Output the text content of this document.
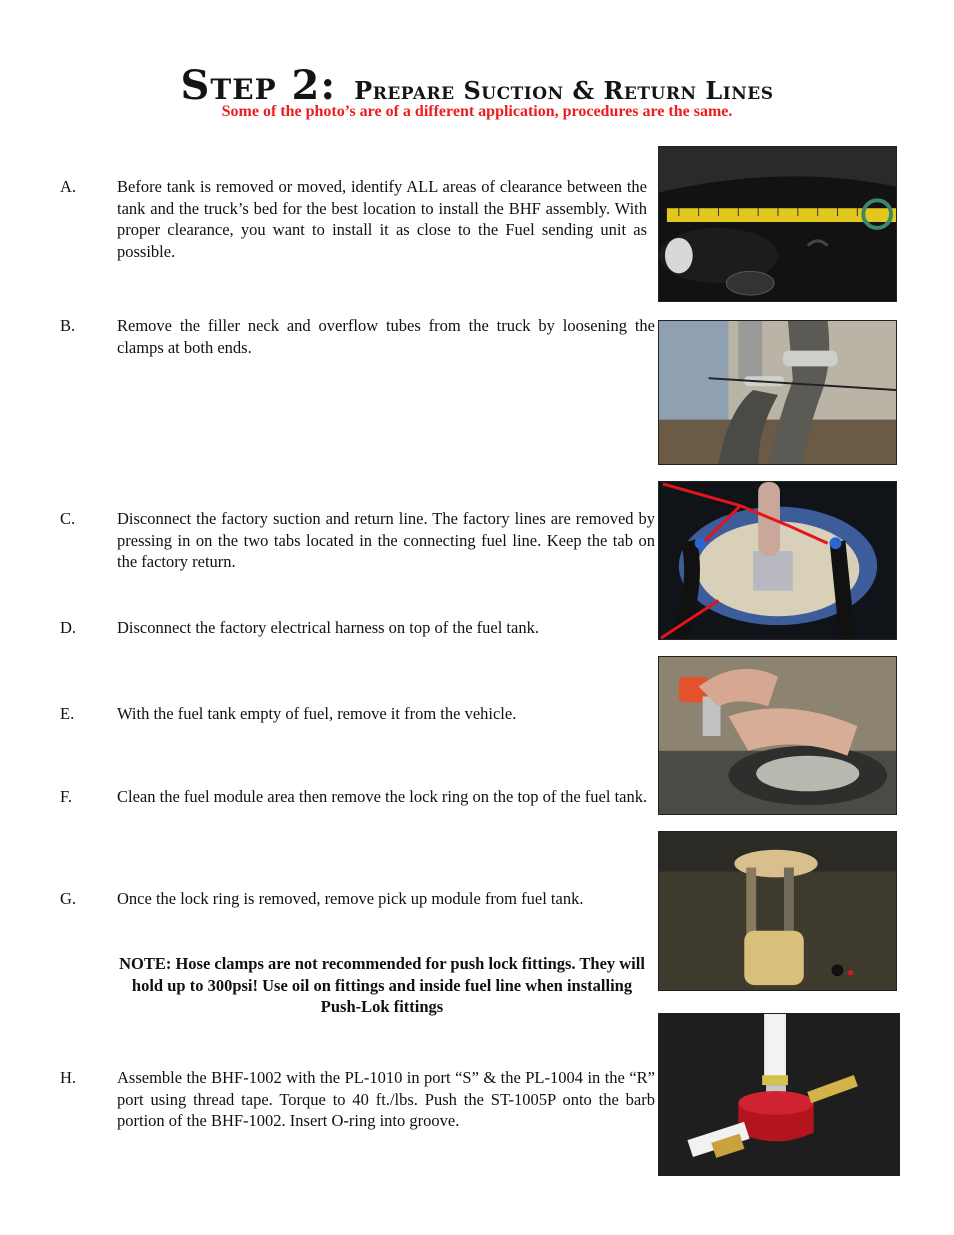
Step 2: Prepare Suction & Return Lines
Some of the photo’s are of a different application, procedures are the same.
A. Before tank is removed or moved, identify ALL areas of clearance between the tank and the truck’s bed for the best location to install the BHF assembly. With proper clearance, you want to install it as close to the Fuel sending unit as possible.
B.	Remove the filler neck and overflow tubes from the truck by loosening the clamps at both ends.
C.	Disconnect the factory suction and return line. The factory lines are removed by pressing in on the two tabs located in the connecting fuel line. Keep the tab on the factory return.
D. Disconnect the factory electrical harness on top of the fuel tank.
E.	With the fuel tank empty of fuel, remove it from the vehicle.
F.	Clean the fuel module area then remove the lock ring on the top of the fuel tank.
G. Once the lock ring is removed, remove pick up module from fuel tank.
NOTE: Hose clamps are not recommended for push lock fittings. They will hold up to 300psi! Use oil on fittings and inside fuel line when installing Push-Lok fittings
H. Assemble the BHF-1002 with the PL-1010 in port “S” & the PL-1004 in the “R” port using thread tape. Torque to 40 ft./lbs. Push the ST-1005P onto the barb portion of the BHF-1002. Insert O-ring into groove.
▪
